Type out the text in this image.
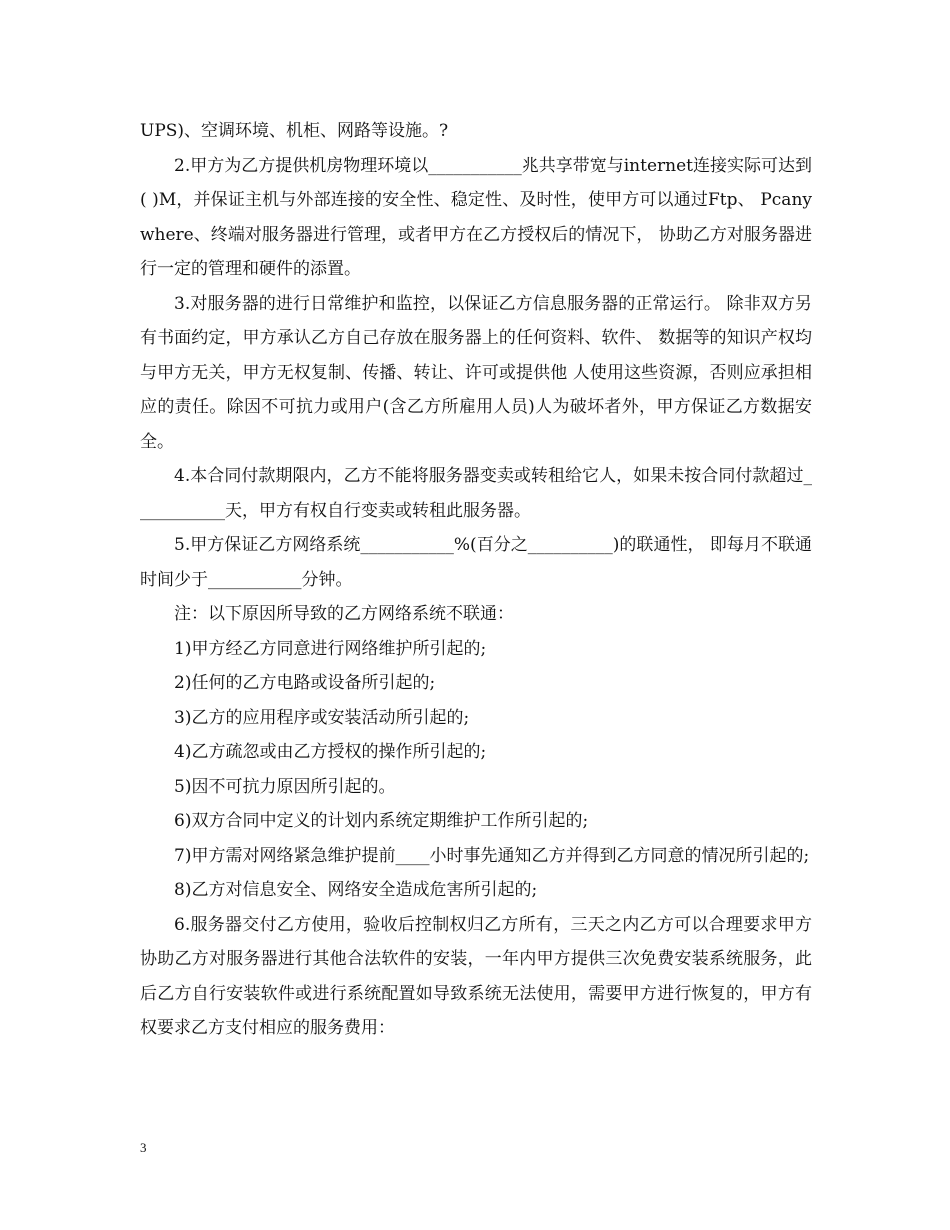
UPS)、空调环境、机柜、网路等设施。?

2.甲方为乙方提供机房物理环境以___________兆共享带宽与internet连接实际可达到( )M，并保证主机与外部连接的安全性、稳定性、及时性，使甲方可以通过Ftp、 Pcanywhere、终端对服务器进行管理，或者甲方在乙方授权后的情况下， 协助乙方对服务器进行一定的管理和硬件的添置。

3.对服务器的进行日常维护和监控，以保证乙方信息服务器的正常运行。 除非双方另有书面约定，甲方承认乙方自己存放在服务器上的任何资料、软件、 数据等的知识产权均与甲方无关，甲方无权复制、传播、转让、许可或提供他 人使用这些资源，否则应承担相应的责任。除因不可抗力或用户(含乙方所雇用人员)人为破坏者外，甲方保证乙方数据安全。

4.本合同付款期限内，乙方不能将服务器变卖或转租给它人，如果未按合同付款超过___________天，甲方有权自行变卖或转租此服务器。

5.甲方保证乙方网络系统___________%(百分之__________)的联通性， 即每月不联通时间少于___________分钟。

注：以下原因所导致的乙方网络系统不联通：

1)甲方经乙方同意进行网络维护所引起的;

2)任何的乙方电路或设备所引起的;

3)乙方的应用程序或安装活动所引起的;

4)乙方疏忽或由乙方授权的操作所引起的;

5)因不可抗力原因所引起的。

6)双方合同中定义的计划内系统定期维护工作所引起的;

7)甲方需对网络紧急维护提前____小时事先通知乙方并得到乙方同意的情况所引起的;

8)乙方对信息安全、网络安全造成危害所引起的;

6.服务器交付乙方使用，验收后控制权归乙方所有，三天之内乙方可以合理要求甲方协助乙方对服务器进行其他合法软件的安装，一年内甲方提供三次免费安装系统服务，此后乙方自行安装软件或进行系统配置如导致系统无法使用，需要甲方进行恢复的，甲方有权要求乙方支付相应的服务费用：

3
